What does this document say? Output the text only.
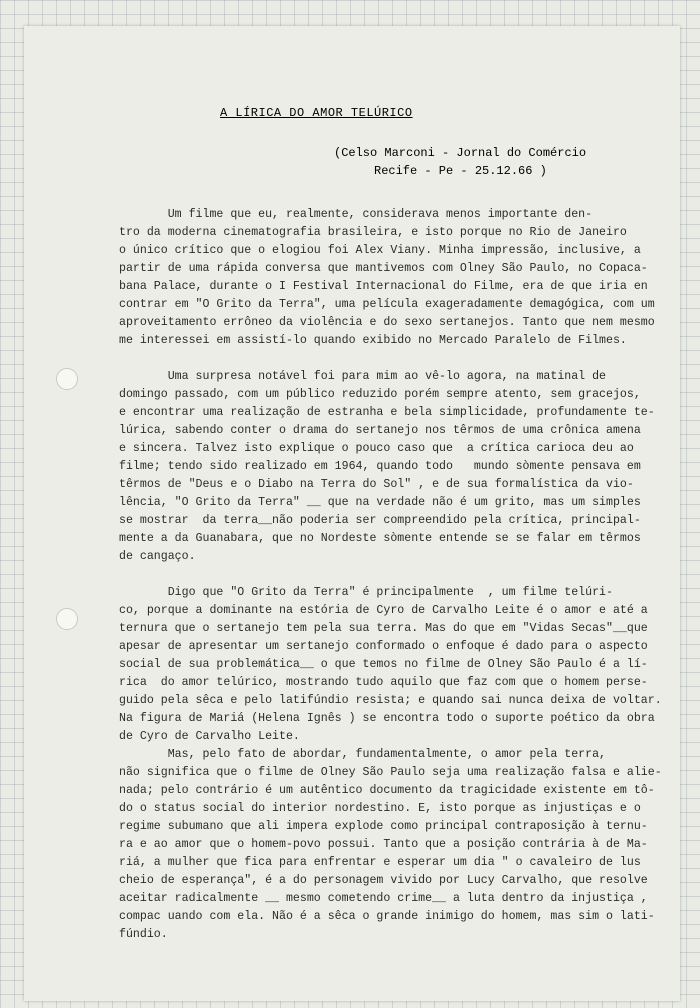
A LÍRICA DO AMOR TELÚRICO
(Celso Marconi - Jornal do Comércio
Recife - Pe - 25.12.66 )
Um filme que eu, realmente, considerava menos importante den-
tro da moderna cinematografia brasileira, e isto porque no Rio de Janeiro
o único crítico que o elogiou foi Alex Viany. Minha impressão, inclusive, a
partir de uma rápida conversa que mantivemos com Olney São Paulo, no Copaca-
bana Palace, durante o I Festival Internacional do Filme, era de que iria en
contrar em "O Grito da Terra", uma película exageradamente demagógica, com um
aproveitamento errôneo da violência e do sexo sertanejos. Tanto que nem mesmo
me interessei em assistí-lo quando exibido no Mercado Paralelo de Filmes.
Uma surpresa notável foi para mim ao vê-lo agora, na matinal de
domingo passado, com um público reduzido porém sempre atento, sem gracejos,
e encontrar uma realização de estranha e bela simplicidade, profundamente te-
lúrica, sabendo conter o drama do sertanejo nos têrmos de uma crônica amena
e sincera. Talvez isto explique o pouco caso que  a crítica carioca deu ao
filme; tendo sido realizado em 1964, quando todo   mundo sòmente pensava em
têrmos de "Deus e o Diabo na Terra do Sol" , e de sua formalística da vio-
lência, "O Grito da Terra" __ que na verdade não é um grito, mas um simples
se mostrar  da terra__não poderia ser compreendido pela crítica, principal-
mente a da Guanabara, que no Nordeste sòmente entende se se falar em têrmos
de cangaço.
Digo que "O Grito da Terra" é principalmente  , um filme telúri-
co, porque a dominante na estória de Cyro de Carvalho Leite é o amor e até a
ternura que o sertanejo tem pela sua terra. Mas do que em "Vidas Secas"__que
apesar de apresentar um sertanejo conformado o enfoque é dado para o aspecto
social de sua problemática__ o que temos no filme de Olney São Paulo é a lí-
rica  do amor telúrico, mostrando tudo aquilo que faz com que o homem perse-
guido pela sêca e pelo latifúndio resista; e quando sai nunca deixa de voltar.
Na figura de Mariá (Helena Ignês ) se encontra todo o suporte poético da obra
de Cyro de Carvalho Leite.
Mas, pelo fato de abordar, fundamentalmente, o amor pela terra,
não significa que o filme de Olney São Paulo seja uma realização falsa e alie-
nada; pelo contrário é um autêntico documento da tragicidade existente em tô-
do o status social do interior nordestino. E, isto porque as injustiças e o
regime subumano que ali impera explode como principal contraposição à ternu-
ra e ao amor que o homem-povo possui. Tanto que a posição contrária à de Ma-
riá, a mulher que fica para enfrentar e esperar um dia " o cavaleiro de lus
cheio de esperança", é a do personagem vivido por Lucy Carvalho, que resolve
aceitar radicalmente __ mesmo cometendo crime__ a luta dentro da injustiça ,
compac uando com ela. Não é a sêca o grande inimigo do homem, mas sim o lati-
fúndio.
